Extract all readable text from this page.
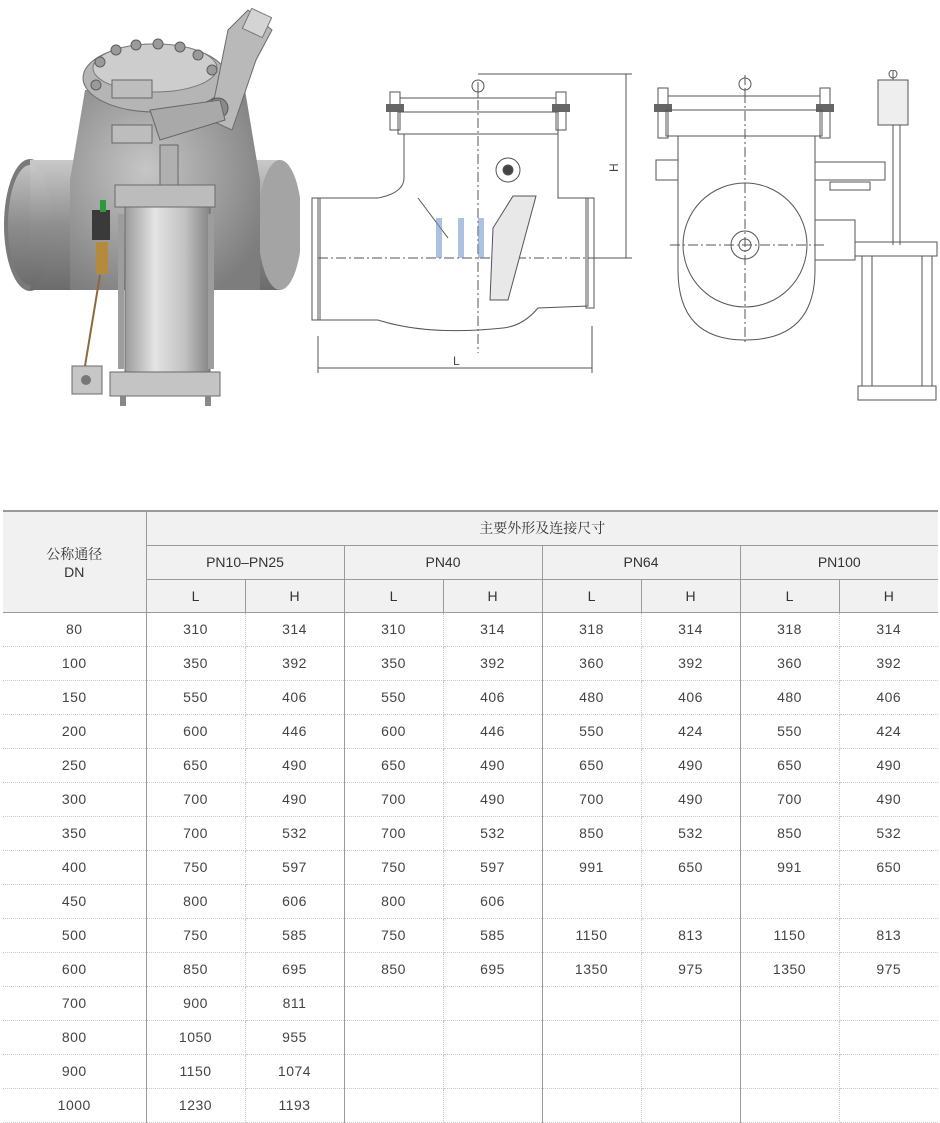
L
H
公称通径
DN	主要外形及连接尺寸							
	PN10–PN25		PN40		PN64		PN100	
	L	H	L	H	L	H	L	H
80	310	314	310	314	318	314	318	314
100	350	392	350	392	360	392	360	392
150	550	406	550	406	480	406	480	406
200	600	446	600	446	550	424	550	424
250	650	490	650	490	650	490	650	490
300	700	490	700	490	700	490	700	490
350	700	532	700	532	850	532	850	532
400	750	597	750	597	991	650	991	650
450	800	606	800	606				
500	750	585	750	585	1150	813	1150	813
600	850	695	850	695	1350	975	1350	975
700	900	811						
800	1050	955						
900	1150	1074						
1000	1230	1193						
